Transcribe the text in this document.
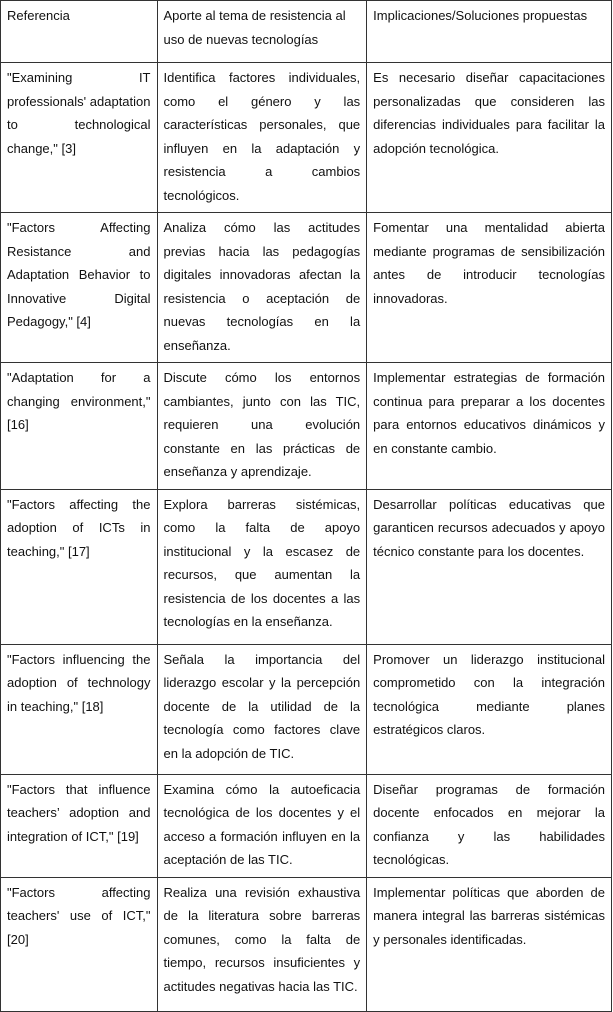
Referencia	Aporte al tema de resistencia al uso de nuevas tecnologías	Implicaciones/Soluciones propuestas
"Examining IT professionals' adaptation to technological change," [3]	Identifica factores individuales, como el género y las características personales, que influyen en la adaptación y resistencia a cambios tecnológicos.	Es necesario diseñar capacitaciones personalizadas que consideren las diferencias individuales para facilitar la adopción tecnológica.
"Factors Affecting Resistance and Adaptation Behavior to Innovative Digital Pedagogy," [4]	Analiza cómo las actitudes previas hacia las pedagogías digitales innovadoras afectan la resistencia o aceptación de nuevas tecnologías en la enseñanza.	Fomentar una mentalidad abierta mediante programas de sensibilización antes de introducir tecnologías innovadoras.
"Adaptation for a changing environment," [16]	Discute cómo los entornos cambiantes, junto con las TIC, requieren una evolución constante en las prácticas de enseñanza y aprendizaje.	Implementar estrategias de formación continua para preparar a los docentes para entornos educativos dinámicos y en constante cambio.
"Factors affecting the adoption of ICTs in teaching," [17]	Explora barreras sistémicas, como la falta de apoyo institucional y la escasez de recursos, que aumentan la resistencia de los docentes a las tecnologías en la enseñanza.	Desarrollar políticas educativas que garanticen recursos adecuados y apoyo técnico constante para los docentes.
"Factors influencing the adoption of technology in teaching," [18]	Señala la importancia del liderazgo escolar y la percepción docente de la utilidad de la tecnología como factores clave en la adopción de TIC.	Promover un liderazgo institucional comprometido con la integración tecnológica mediante planes estratégicos claros.
"Factors that influence teachers’ adoption and integration of ICT," [19]	Examina cómo la autoeficacia tecnológica de los docentes y el acceso a formación influyen en la aceptación de las TIC.	Diseñar programas de formación docente enfocados en mejorar la confianza y las habilidades tecnológicas.
"Factors affecting teachers' use of ICT," [20]	Realiza una revisión exhaustiva de la literatura sobre barreras comunes, como la falta de tiempo, recursos insuficientes y actitudes negativas hacia las TIC.	Implementar políticas que aborden de manera integral las barreras sistémicas y personales identificadas.
